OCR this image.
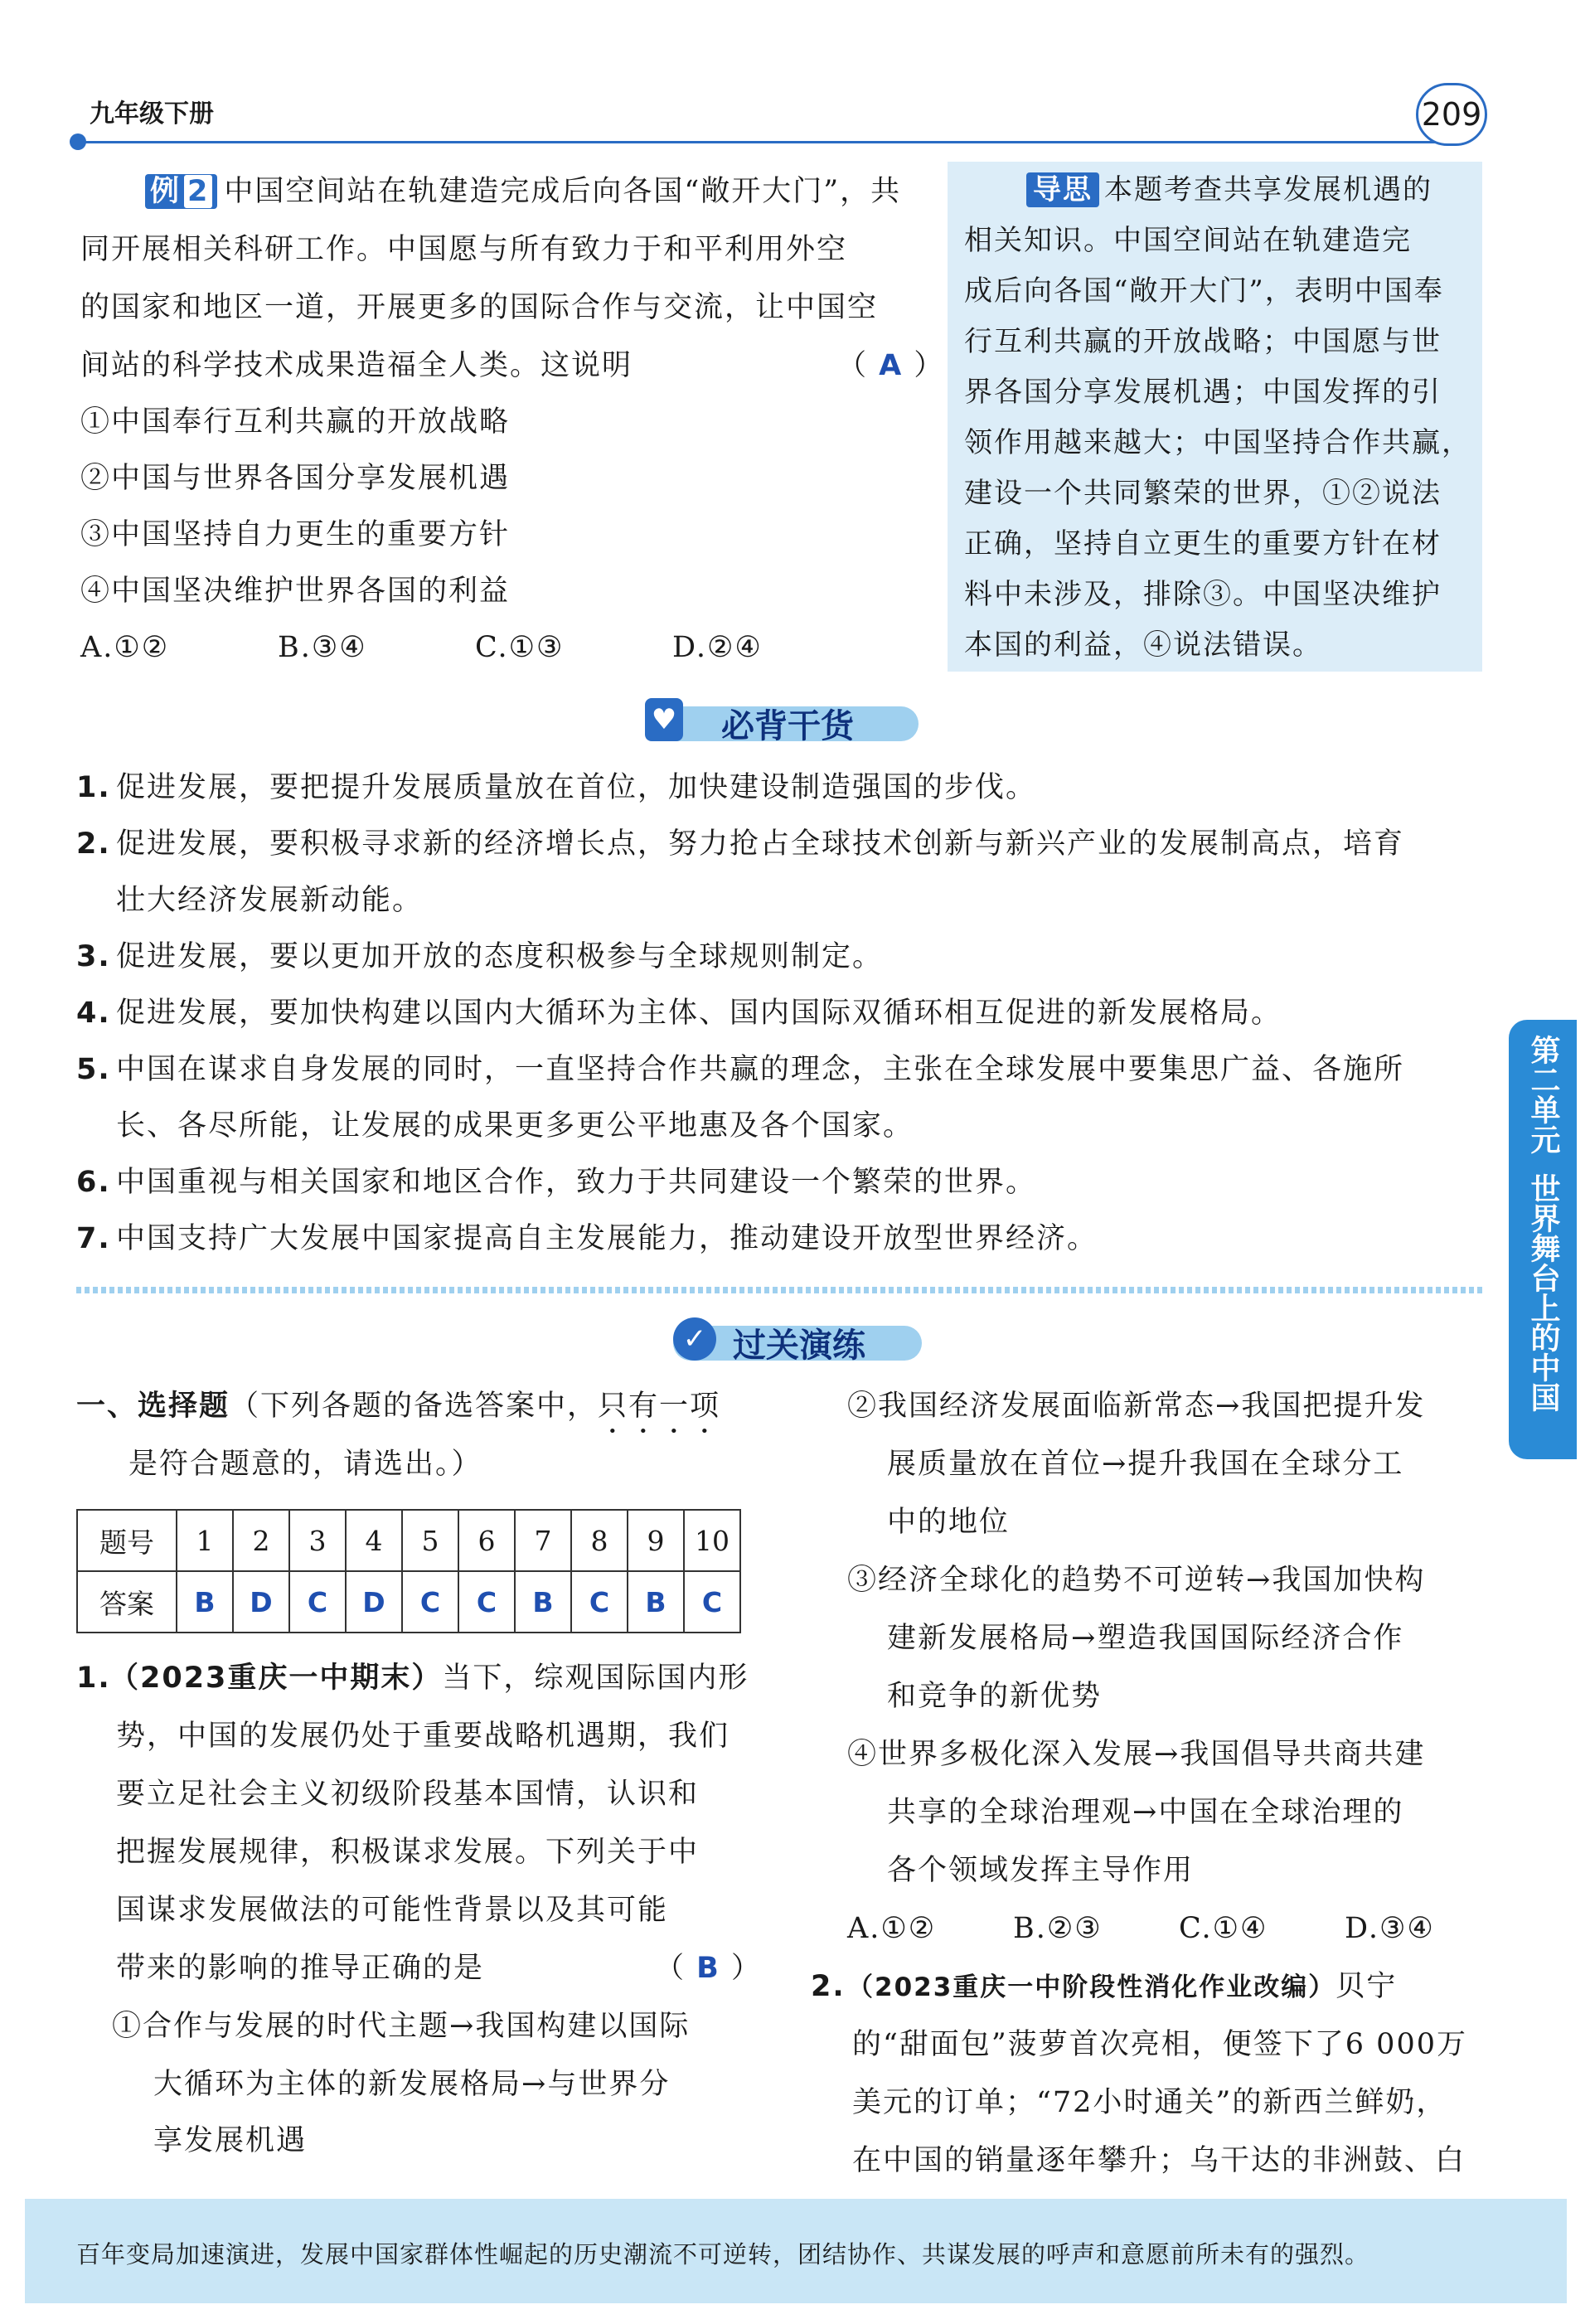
九年级下册	209
例 2 中国空间站在轨建造完成后向各国“敞开大门”，共
同开展相关科研工作。中国愿与所有致力于和平利用外空
的国家和地区一道，开展更多的国际合作与交流，让中国空
间站的科学技术成果造福全人类。这说明	（ A ）
①中国奉行互利共赢的开放战略
②中国与世界各国分享发展机遇
③中国坚持自力更生的重要方针
④中国坚决维护世界各国的利益
A.①②	B.③④	C.①③	D.②④
导思 本题考查共享发展机遇的
相关知识。中国空间站在轨建造完
成后向各国“敞开大门”，表明中国奉
行互利共赢的开放战略；中国愿与世
界各国分享发展机遇；中国发挥的引
领作用越来越大；中国坚持合作共赢，
建设一个共同繁荣的世界，①②说法
正确，坚持自立更生的重要方针在材
料中未涉及，排除③。中国坚决维护
本国的利益，④说法错误。
♥ 必背干货
1. 促进发展，要把提升发展质量放在首位，加快建设制造强国的步伐。
2. 促进发展，要积极寻求新的经济增长点，努力抢占全球技术创新与新兴产业的发展制高点，培育
壮大经济发展新动能。
3. 促进发展，要以更加开放的态度积极参与全球规则制定。
4. 促进发展，要加快构建以国内大循环为主体、国内国际双循环相互促进的新发展格局。
5. 中国在谋求自身发展的同时，一直坚持合作共赢的理念，主张在全球发展中要集思广益、各施所
长、各尽所能，让发展的成果更多更公平地惠及各个国家。
6. 中国重视与相关国家和地区合作，致力于共同建设一个繁荣的世界。
7. 中国支持广大发展中国家提高自主发展能力，推动建设开放型世界经济。
第二单元
世界舞台上的中国
✓ 过关演练
一、选择题（下列各题的备选答案中，只有一项
是符合题意的，请选出。）
题号	1	2	3	4	5	6	7	8	9	10
答案	B	D	C	D	C	C	B	C	B	C
1.（2023重庆一中期末）当下，综观国际国内形
势，中国的发展仍处于重要战略机遇期，我们
要立足社会主义初级阶段基本国情，认识和
把握发展规律，积极谋求发展。下列关于中
国谋求发展做法的可能性背景以及其可能
带来的影响的推导正确的是	（ B ）
①合作与发展的时代主题→我国构建以国际
大循环为主体的新发展格局→与世界分
享发展机遇
②我国经济发展面临新常态→我国把提升发
展质量放在首位→提升我国在全球分工
中的地位
③经济全球化的趋势不可逆转→我国加快构
建新发展格局→塑造我国国际经济合作
和竞争的新优势
④世界多极化深入发展→我国倡导共商共建
共享的全球治理观→中国在全球治理的
各个领域发挥主导作用
A.①②	B.②③	C.①④	D.③④
2.（2023重庆一中阶段性消化作业改编）贝宁
的“甜面包”菠萝首次亮相，便签下了6 000万
美元的订单；“72小时通关”的新西兰鲜奶，
在中国的销量逐年攀升；乌干达的非洲鼓、白
百年变局加速演进，发展中国家群体性崛起的历史潮流不可逆转，团结协作、共谋发展的呼声和意愿前所未有的强烈。
